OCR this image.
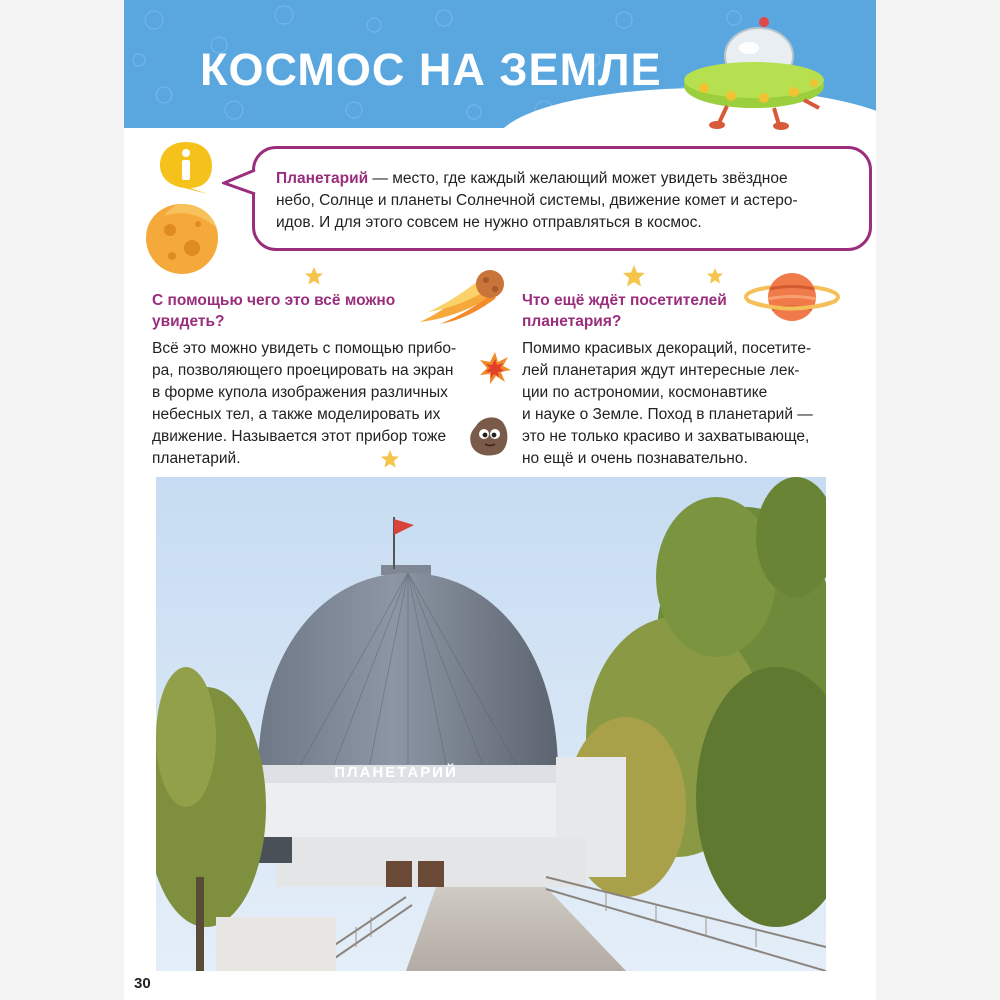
КОСМОС НА ЗЕМЛЕ
Планетарий — место, где каждый желающий может увидеть звёздное
небо, Солнце и планеты Солнечной системы, движение комет и астеро-
идов. И для этого совсем не нужно отправляться в космос.
С помощью чего это всё можно
увидеть?
Всё это можно увидеть с помощью прибо-
ра, позволяющего проецировать на экран
в форме купола изображения различных
небесных тел, а также моделировать их
движение. Называется этот прибор тоже
планетарий.
Что ещё ждёт посетителей
планетария?
Помимо красивых декораций, посетите-
лей планетария ждут интересные лек-
ции по астрономии, космонавтике
и науке о Земле. Поход в планетарий —
это не только красиво и захватывающе,
но ещё и очень познавательно.
ПЛАНЕТАРИЙ
30
